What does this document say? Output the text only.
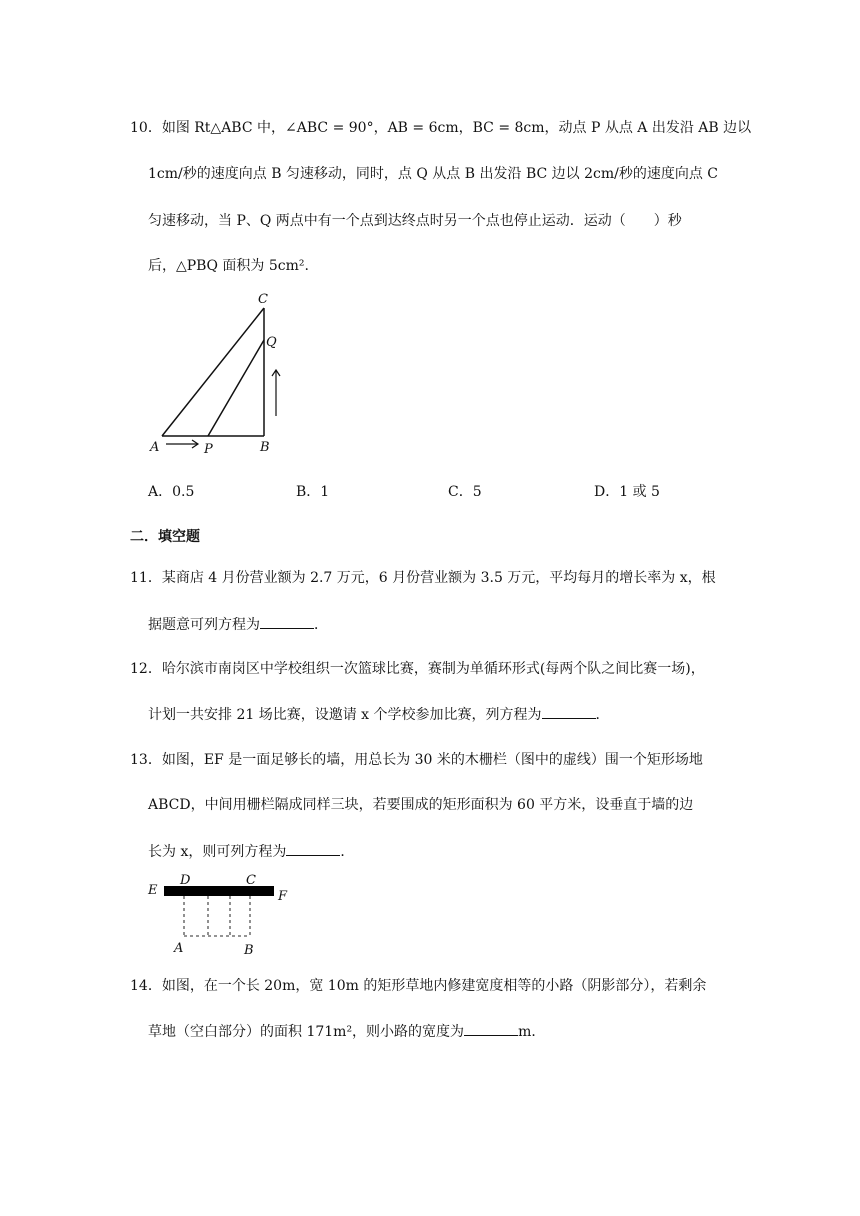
10．如图 Rt△ABC 中，∠ABC = 90°，AB = 6cm，BC = 8cm，动点 P 从点 A 出发沿 AB 边以
1cm/秒的速度向点 B 匀速移动，同时，点 Q 从点 B 出发沿 BC 边以 2cm/秒的速度向点 C
匀速移动，当 P、Q 两点中有一个点到达终点时另一个点也停止运动．运动（　　）秒
后，△PBQ 面积为 5cm².
A	P	B
C
Q
A．0.5	B．1	C．5	D．1 或 5
二．填空题
11．某商店 4 月份营业额为 2.7 万元，6 月份营业额为 3.5 万元，平均每月的增长率为 x，根
据题意可列方程为	．
12．哈尔滨市南岗区中学校组织一次篮球比赛，赛制为单循环形式(每两个队之间比赛一场)，
计划一共安排 21 场比赛，设邀请 x 个学校参加比赛，列方程为	．
13．如图，EF 是一面足够长的墙，用总长为 30 米的木栅栏（图中的虚线）围一个矩形场地
ABCD，中间用栅栏隔成同样三块，若要围成的矩形面积为 60 平方米，设垂直于墙的边
长为 x，则可列方程为	．
E
D	C
F
A	B
14．如图，在一个长 20m，宽 10m 的矩形草地内修建宽度相等的小路（阴影部分），若剩余
草地（空白部分）的面积 171m²，则小路的宽度为	m．
